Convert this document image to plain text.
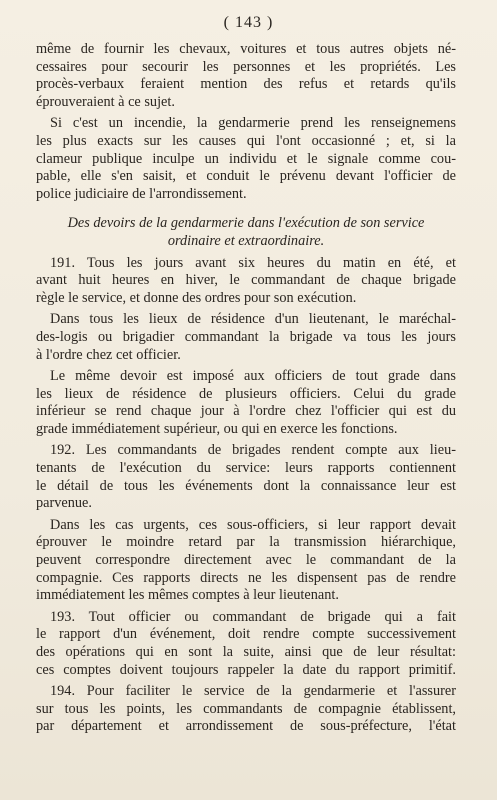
( 143 )
même de fournir les chevaux, voitures et tous autres objets né-
cessaires pour secourir les personnes et les propriétés. Les
procès-verbaux feraient mention des refus et retards qu'ils
éprouveraient à ce sujet.
Si c'est un incendie, la gendarmerie prend les renseignemens
les plus exacts sur les causes qui l'ont occasionné ; et, si la
clameur publique inculpe un individu et le signale comme cou-
pable, elle s'en saisit, et conduit le prévenu devant l'officier de
police judiciaire de l'arrondissement.
Des devoirs de la gendarmerie dans l'exécution de son service
ordinaire et extraordinaire.
191. Tous les jours avant six heures du matin en été, et
avant huit heures en hiver, le commandant de chaque brigade
règle le service, et donne des ordres pour son exécution.
Dans tous les lieux de résidence d'un lieutenant, le maréchal-
des-logis ou brigadier commandant la brigade va tous les jours
à l'ordre chez cet officier.
Le même devoir est imposé aux officiers de tout grade dans
les lieux de résidence de plusieurs officiers. Celui du grade
inférieur se rend chaque jour à l'ordre chez l'officier qui est du
grade immédiatement supérieur, ou qui en exerce les fonctions.
192. Les commandants de brigades rendent compte aux lieu-
tenants de l'exécution du service: leurs rapports contiennent
le détail de tous les événements dont la connaissance leur est
parvenue.
Dans les cas urgents, ces sous-officiers, si leur rapport devait
éprouver le moindre retard par la transmission hiérarchique,
peuvent correspondre directement avec le commandant de la
compagnie. Ces rapports directs ne les dispensent pas de rendre
immédiatement les mêmes comptes à leur lieutenant.
193. Tout officier ou commandant de brigade qui a fait
le rapport d'un événement, doit rendre compte successivement
des opérations qui en sont la suite, ainsi que de leur résultat:
ces comptes doivent toujours rappeler la date du rapport primitif.
194. Pour faciliter le service de la gendarmerie et l'assurer
sur tous les points, les commandants de compagnie établissent,
par département et arrondissement de sous-préfecture, l'état
